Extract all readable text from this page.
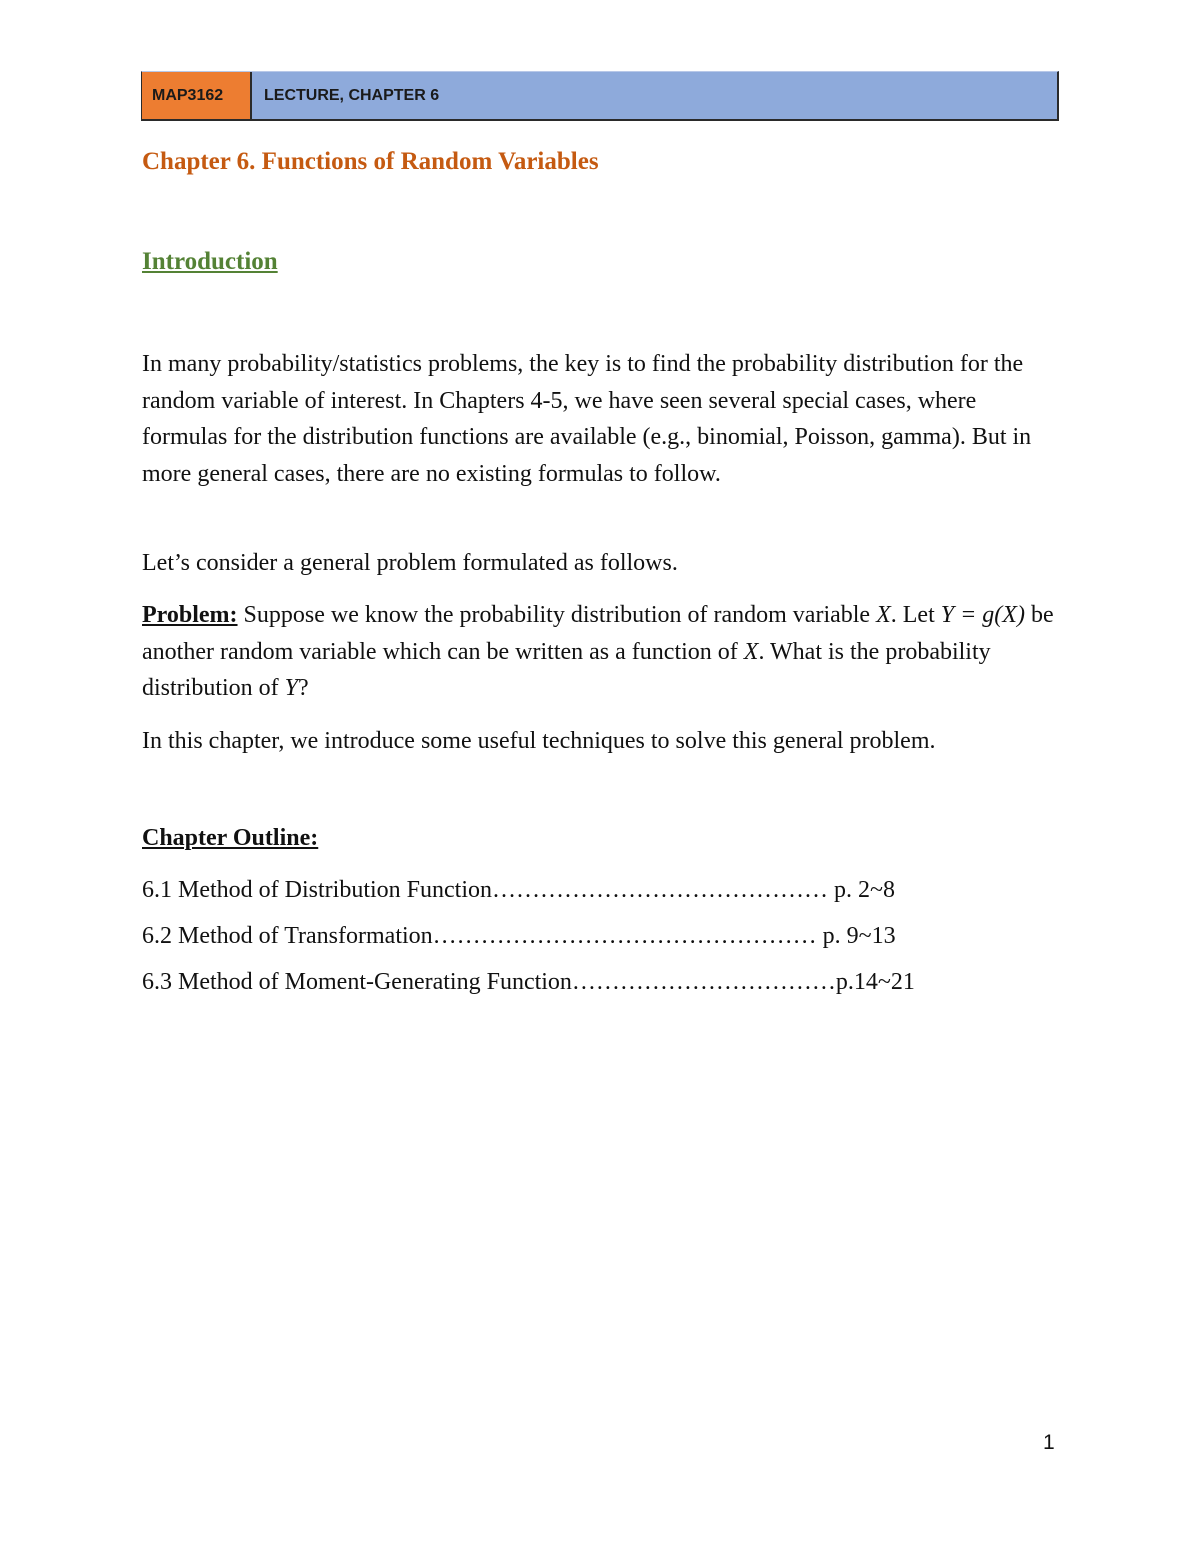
MAP3162	LECTURE, CHAPTER 6
Chapter 6. Functions of Random Variables
Introduction

In many probability/statistics problems, the key is to find the probability distribution for the random variable of interest. In Chapters 4-5, we have seen several special cases, where formulas for the distribution functions are available (e.g., binomial, Poisson, gamma). But in more general cases, there are no existing formulas to follow.

Let’s consider a general problem formulated as follows.

Problem: Suppose we know the probability distribution of random variable X. Let Y = g(X) be another random variable which can be written as a function of X. What is the probability distribution of Y?

In this chapter, we introduce some useful techniques to solve this general problem.

Chapter Outline:
6.1 Method of Distribution Function…………………………………… p. 2~8
6.2 Method of Transformation………………………………………… p. 9~13
6.3 Method of Moment-Generating Function……………………………p.14~21
1
